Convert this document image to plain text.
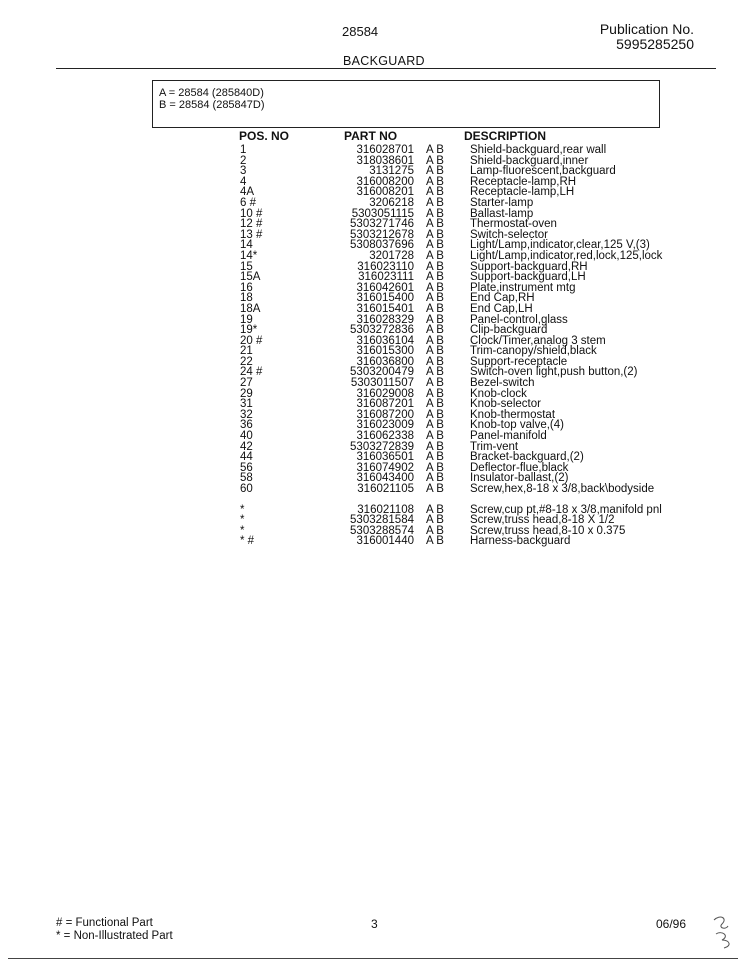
28584	Publication No.
5995285250
BACKGUARD
A = 28584 (285840D)
B = 28584 (285847D)
POS. NO	PART NO	DESCRIPTION
1	316028701	A B	Shield-backguard,rear wall
2	318038601	A B	Shield-backguard,inner
3	3131275	A B	Lamp-fluorescent,backguard
4	316008200	A B	Receptacle-lamp,RH
4A	316008201	A B	Receptacle-lamp,LH
6 #	3206218	A B	Starter-lamp
10 #	5303051115	A B	Ballast-lamp
12 #	5303271746	A B	Thermostat-oven
13 #	5303212678	A B	Switch-selector
14	5308037696	A B	Light/Lamp,indicator,clear,125 V,(3)
14*	3201728	A B	Light/Lamp,indicator,red,lock,125,lock
15	316023110	A B	Support-backguard,RH
15A	316023111	A B	Support-backguard,LH
16	316042601	A B	Plate,instrument mtg
18	316015400	A B	End Cap,RH
18A	316015401	A B	End Cap,LH
19	316028329	A B	Panel-control,glass
19*	5303272836	A B	Clip-backguard
20 #	316036104	A B	Clock/Timer,analog 3 stem
21	316015300	A B	Trim-canopy/shield,black
22	316036800	A B	Support-receptacle
24 #	5303200479	A B	Switch-oven light,push button,(2)
27	5303011507	A B	Bezel-switch
29	316029008	A B	Knob-clock
31	316087201	A B	Knob-selector
32	316087200	A B	Knob-thermostat
36	316023009	A B	Knob-top valve,(4)
40	316062338	A B	Panel-manifold
42	5303272839	A B	Trim-vent
44	316036501	A B	Bracket-backguard,(2)
56	316074902	A B	Deflector-flue,black
58	316043400	A B	Insulator-ballast,(2)
60	316021105	A B	Screw,hex,8-18 x 3/8,back\bodyside
*	316021108	A B	Screw,cup pt,#8-18 x 3/8,manifold pnl
*	5303281584	A B	Screw,truss head,8-18 X 1/2
*	5303288574	A B	Screw,truss head,8-10 x 0.375
* #	316001440	A B	Harness-backguard
# = Functional Part
* = Non-Illustrated Part
3	06/96
